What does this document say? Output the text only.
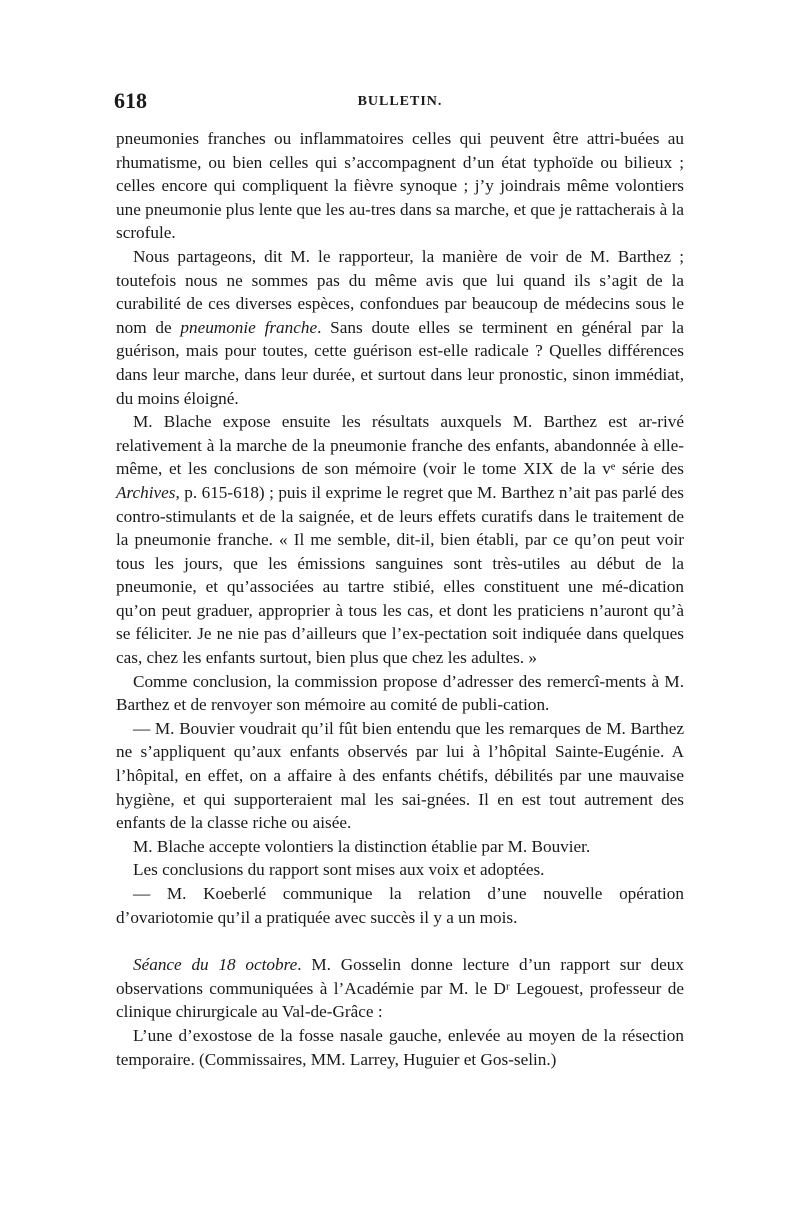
618	BULLETIN.

pneumonies franches ou inflammatoires celles qui peuvent être attri-buées au rhumatisme, ou bien celles qui s’accompagnent d’un état typhoïde ou bilieux ; celles encore qui compliquent la fièvre synoque ; j’y joindrais même volontiers une pneumonie plus lente que les au-tres dans sa marche, et que je rattacherais à la scrofule.

Nous partageons, dit M. le rapporteur, la manière de voir de M. Barthez ; toutefois nous ne sommes pas du même avis que lui quand ils s’agit de la curabilité de ces diverses espèces, confondues par beaucoup de médecins sous le nom de pneumonie franche. Sans doute elles se terminent en général par la guérison, mais pour toutes, cette guérison est-elle radicale ? Quelles différences dans leur marche, dans leur durée, et surtout dans leur pronostic, sinon immédiat, du moins éloigné.

M. Blache expose ensuite les résultats auxquels M. Barthez est ar-rivé relativement à la marche de la pneumonie franche des enfants, abandonnée à elle-même, et les conclusions de son mémoire (voir le tome XIX de la vᵉ série des Archives, p. 615-618) ; puis il exprime le regret que M. Barthez n’ait pas parlé des contro-stimulants et de la saignée, et de leurs effets curatifs dans le traitement de la pneumonie franche. « Il me semble, dit-il, bien établi, par ce qu’on peut voir tous les jours, que les émissions sanguines sont très-utiles au début de la pneumonie, et qu’associées au tartre stibié, elles constituent une mé-dication qu’on peut graduer, approprier à tous les cas, et dont les praticiens n’auront qu’à se féliciter. Je ne nie pas d’ailleurs que l’ex-pectation soit indiquée dans quelques cas, chez les enfants surtout, bien plus que chez les adultes. »

Comme conclusion, la commission propose d’adresser des remercî-ments à M. Barthez et de renvoyer son mémoire au comité de publi-cation.

— M. Bouvier voudrait qu’il fût bien entendu que les remarques de M. Barthez ne s’appliquent qu’aux enfants observés par lui à l’hôpital Sainte-Eugénie. A l’hôpital, en effet, on a affaire à des enfants chétifs, débilités par une mauvaise hygiène, et qui supporteraient mal les sai-gnées. Il en est tout autrement des enfants de la classe riche ou aisée.

M. Blache accepte volontiers la distinction établie par M. Bouvier.

Les conclusions du rapport sont mises aux voix et adoptées.

— M. Koeberlé communique la relation d’une nouvelle opération d’ovariotomie qu’il a pratiquée avec succès il y a un mois.

Séance du 18 octobre. M. Gosselin donne lecture d’un rapport sur deux observations communiquées à l’Académie par M. le Dʳ Legouest, professeur de clinique chirurgicale au Val-de-Grâce :

L’une d’exostose de la fosse nasale gauche, enlevée au moyen de la résection temporaire. (Commissaires, MM. Larrey, Huguier et Gos-selin.)
